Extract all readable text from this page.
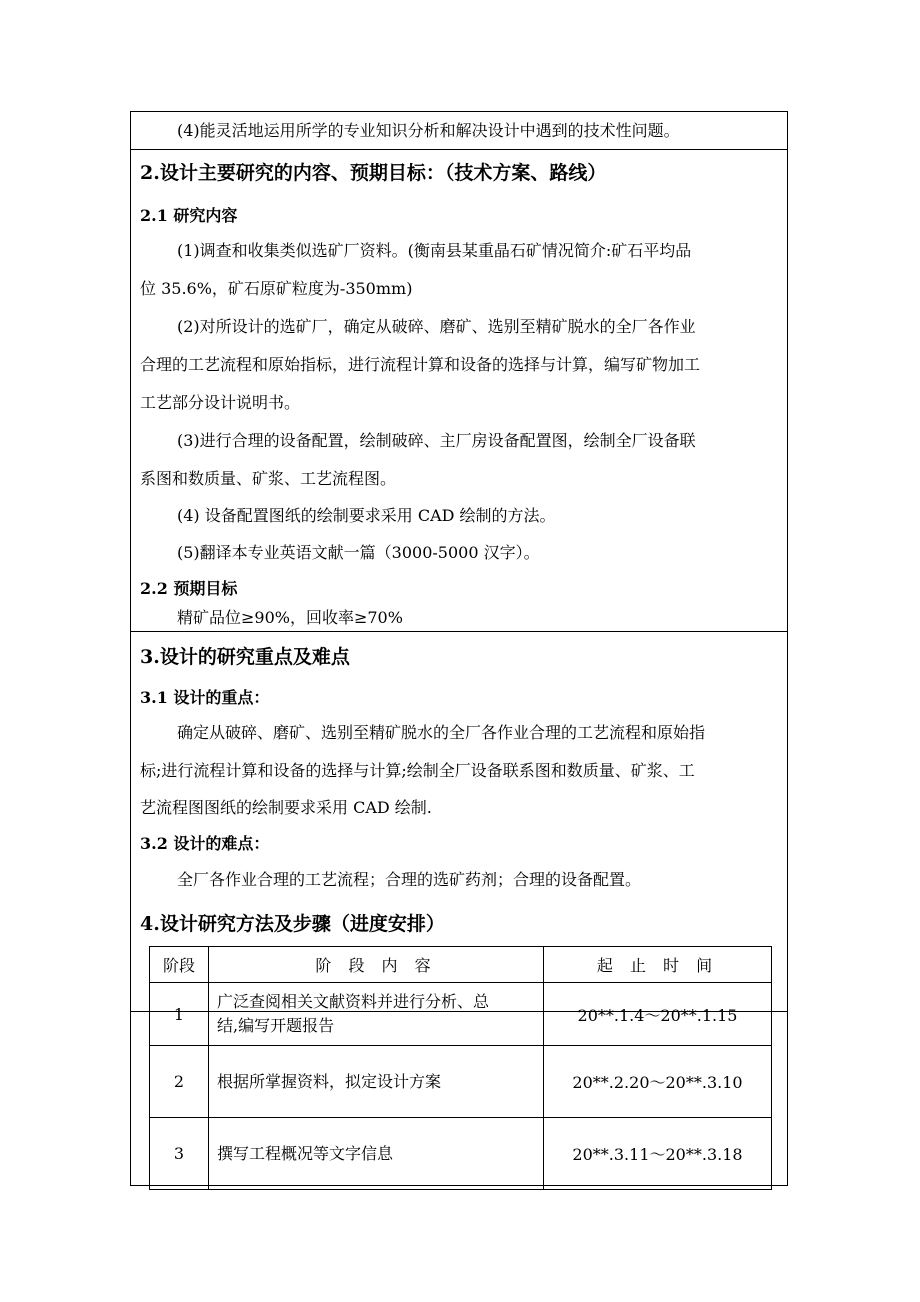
(4)能灵活地运用所学的专业知识分析和解决设计中遇到的技术性问题。
2.设计主要研究的内容、预期目标：（技术方案、路线）
2.1 研究内容
(1)调查和收集类似选矿厂资料。(衡南县某重晶石矿情况简介:矿石平均品
位 35.6%，矿石原矿粒度为-350mm)
(2)对所设计的选矿厂，确定从破碎、磨矿、选别至精矿脱水的全厂各作业
合理的工艺流程和原始指标，进行流程计算和设备的选择与计算，编写矿物加工
工艺部分设计说明书。
(3)进行合理的设备配置，绘制破碎、主厂房设备配置图，绘制全厂设备联
系图和数质量、矿浆、工艺流程图。
(4) 设备配置图纸的绘制要求采用 CAD 绘制的方法。
(5)翻译本专业英语文献一篇（3000-5000 汉字）。
2.2 预期目标
精矿品位≥90%，回收率≥70%
3.设计的研究重点及难点
3.1 设计的重点：
确定从破碎、磨矿、选别至精矿脱水的全厂各作业合理的工艺流程和原始指
标;进行流程计算和设备的选择与计算;绘制全厂设备联系图和数质量、矿浆、工
艺流程图图纸的绘制要求采用 CAD 绘制.
3.2 设计的难点：
全厂各作业合理的工艺流程；合理的选矿药剂；合理的设备配置。
4.设计研究方法及步骤（进度安排）
阶段	阶 段 内 容	起 止 时 间
1	广泛查阅相关文献资料并进行分析、总
结,编写开题报告	20**.1.4～20**.1.15
2	根据所掌握资料，拟定设计方案	20**.2.20～20**.3.10
3	撰写工程概况等文字信息	20**.3.11～20**.3.18
